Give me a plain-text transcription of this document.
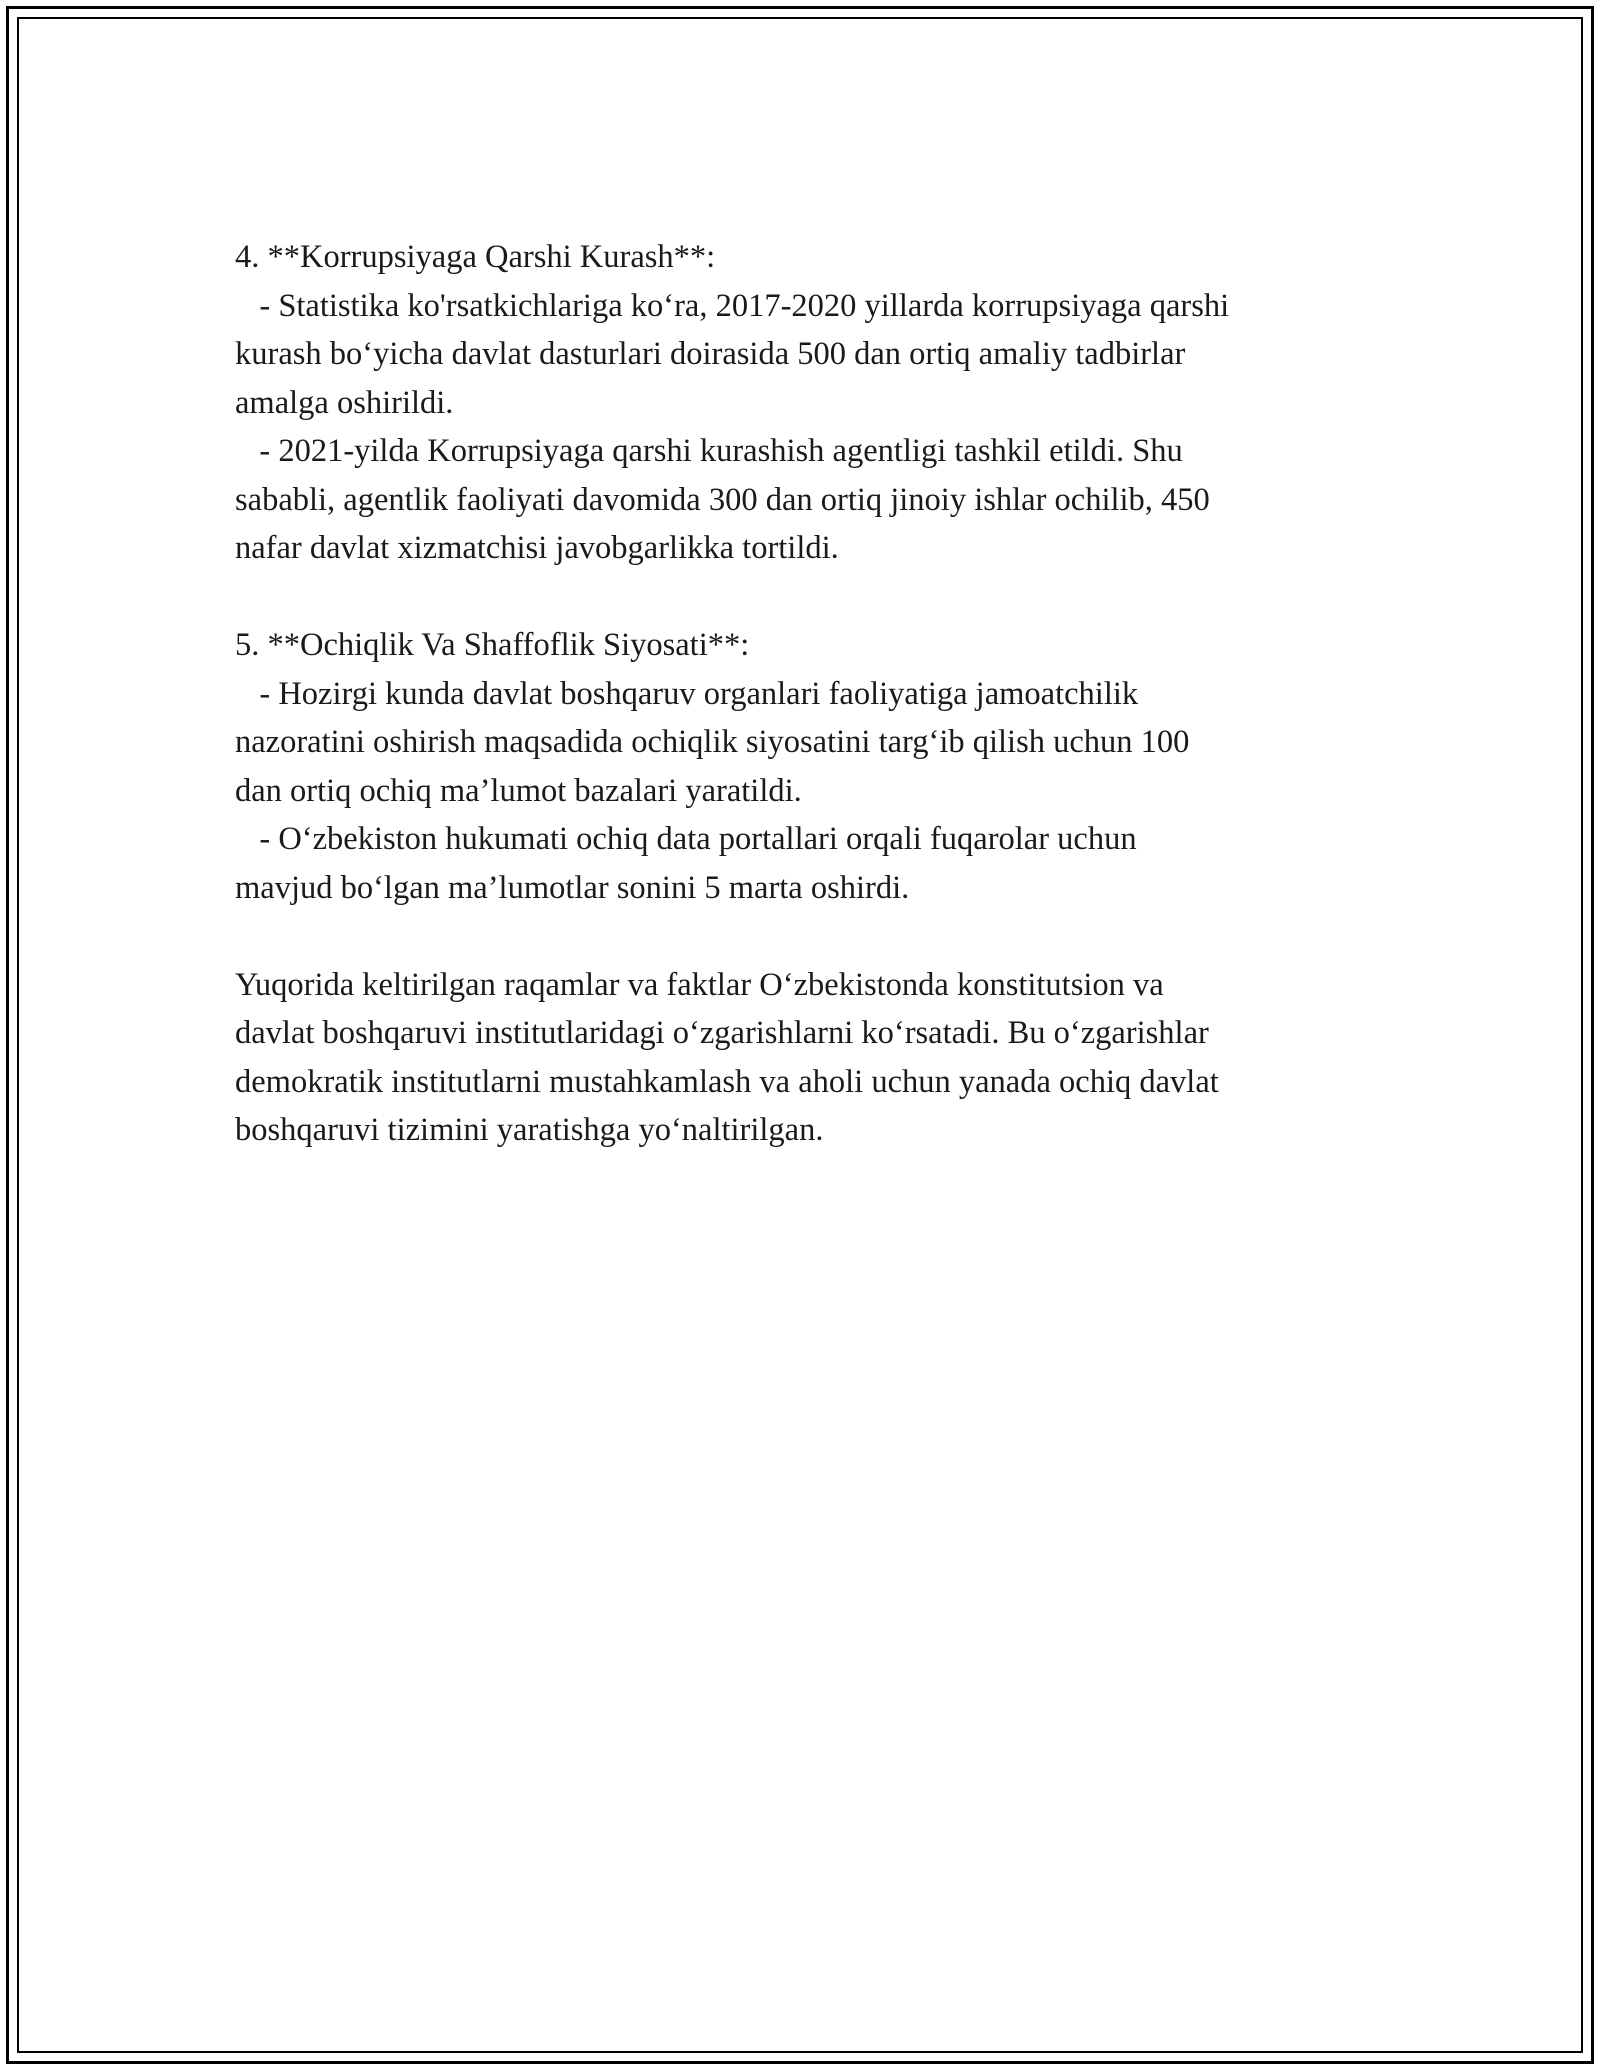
4. **Korrupsiyaga Qarshi Kurash**:
- Statistika ko'rsatkichlariga ko‘ra, 2017-2020 yillarda korrupsiyaga qarshi
kurash bo‘yicha davlat dasturlari doirasida 500 dan ortiq amaliy tadbirlar
amalga oshirildi.
- 2021-yilda Korrupsiyaga qarshi kurashish agentligi tashkil etildi. Shu
sababli, agentlik faoliyati davomida 300 dan ortiq jinoiy ishlar ochilib, 450
nafar davlat xizmatchisi javobgarlikka tortildi.
5. **Ochiqlik Va Shaffoflik Siyosati**:
- Hozirgi kunda davlat boshqaruv organlari faoliyatiga jamoatchilik
nazoratini oshirish maqsadida ochiqlik siyosatini targ‘ib qilish uchun 100
dan ortiq ochiq ma’lumot bazalari yaratildi.
- O‘zbekiston hukumati ochiq data portallari orqali fuqarolar uchun
mavjud bo‘lgan ma’lumotlar sonini 5 marta oshirdi.
Yuqorida keltirilgan raqamlar va faktlar O‘zbekistonda konstitutsion va
davlat boshqaruvi institutlaridagi o‘zgarishlarni ko‘rsatadi. Bu o‘zgarishlar
demokratik institutlarni mustahkamlash va aholi uchun yanada ochiq davlat
boshqaruvi tizimini yaratishga yo‘naltirilgan.
